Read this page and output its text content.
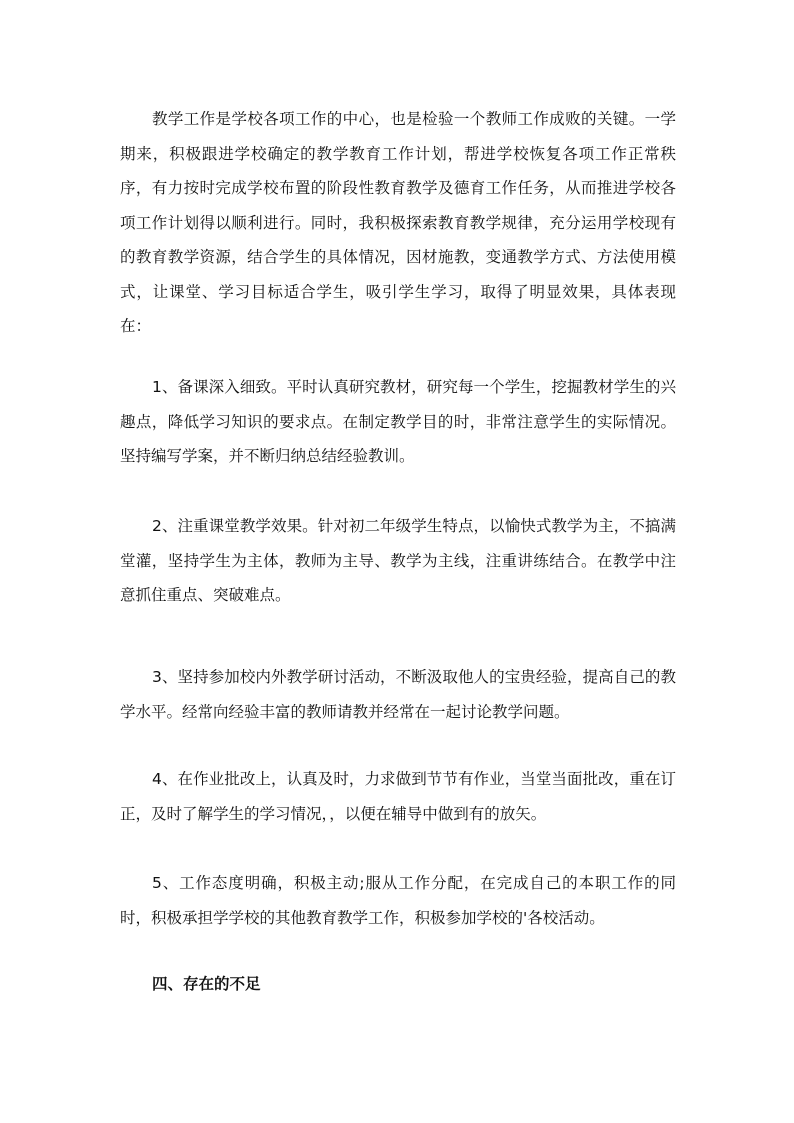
教学工作是学校各项工作的中心，也是检验一个教师工作成败的关键。一学期来，积极跟进学校确定的教学教育工作计划，帮进学校恢复各项工作正常秩序，有力按时完成学校布置的阶段性教育教学及德育工作任务，从而推进学校各项工作计划得以顺利进行。同时，我积极探索教育教学规律，充分运用学校现有的教育教学资源，结合学生的具体情况，因材施教，变通教学方式、方法使用模式，让课堂、学习目标适合学生，吸引学生学习，取得了明显效果，具体表现在：

1、备课深入细致。平时认真研究教材，研究每一个学生，挖掘教材学生的兴趣点，降低学习知识的要求点。在制定教学目的时，非常注意学生的实际情况。坚持编写学案，并不断归纳总结经验教训。

2、注重课堂教学效果。针对初二年级学生特点，以愉快式教学为主，不搞满堂灌，坚持学生为主体，教师为主导、教学为主线，注重讲练结合。在教学中注意抓住重点、突破难点。

3、坚持参加校内外教学研讨活动，不断汲取他人的宝贵经验，提高自己的教学水平。经常向经验丰富的教师请教并经常在一起讨论教学问题。

4、在作业批改上，认真及时，力求做到节节有作业，当堂当面批改，重在订正，及时了解学生的学习情况，，以便在辅导中做到有的放矢。

5、工作态度明确，积极主动;服从工作分配，在完成自己的本职工作的同时，积极承担学学校的其他教育教学工作，积极参加学校的'各校活动。

四、存在的不足
